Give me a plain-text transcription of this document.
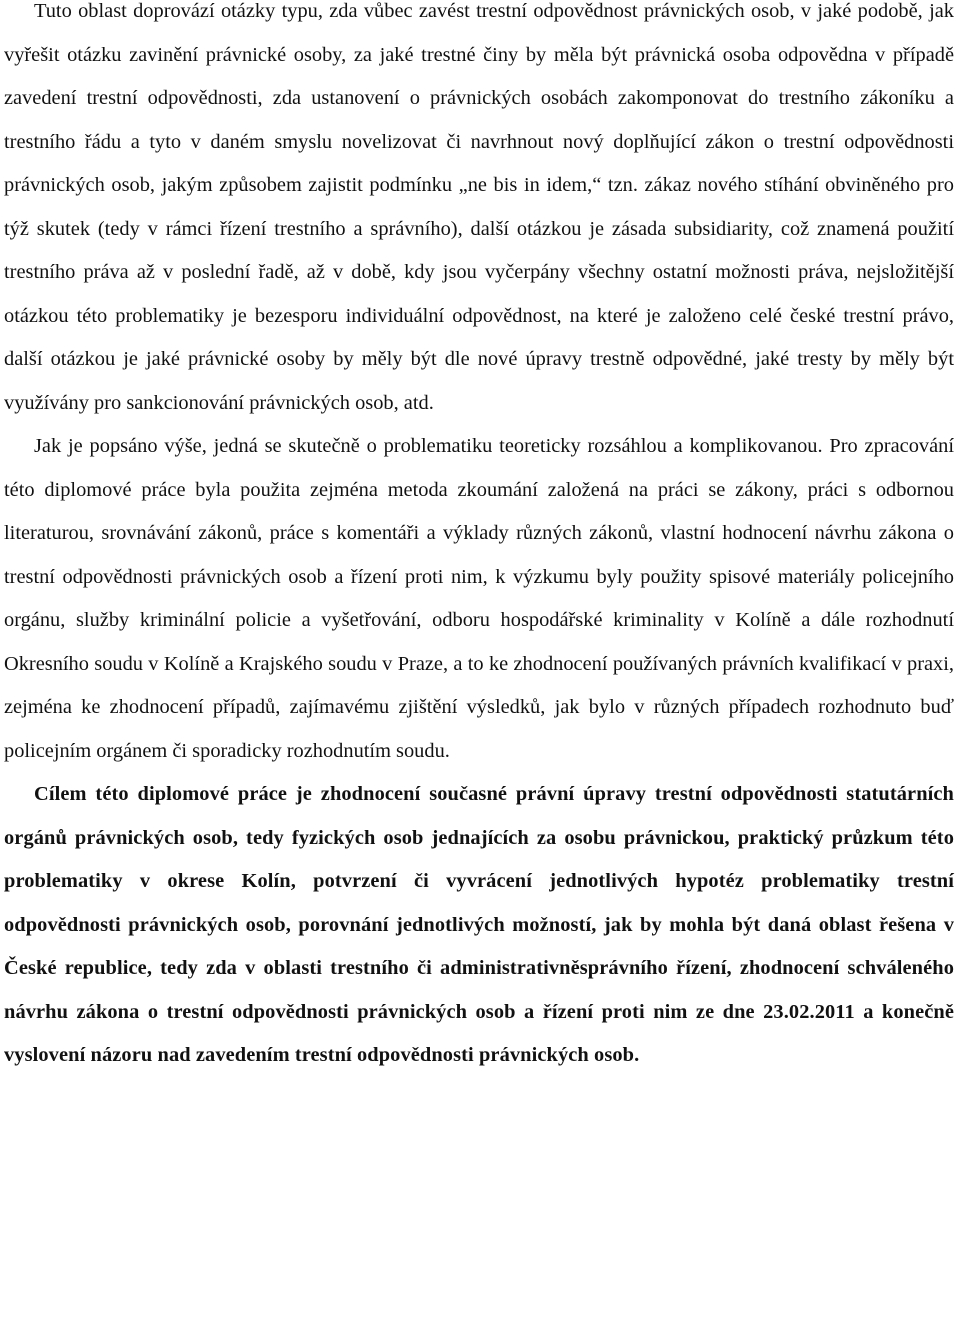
Tuto oblast doprovází otázky typu, zda vůbec zavést trestní odpovědnost právnických osob, v jaké podobě, jak vyřešit otázku zavinění právnické osoby, za jaké trestné činy by měla být právnická osoba odpovědna v případě zavedení trestní odpovědnosti, zda ustanovení o právnických osobách zakomponovat do trestního zákoníku a trestního řádu a tyto v daném smyslu novelizovat či navrhnout nový doplňující zákon o trestní odpovědnosti právnických osob, jakým způsobem zajistit podmínku „ne bis in idem,“ tzn. zákaz nového stíhání obviněného pro týž skutek (tedy v rámci řízení trestního a správního), další otázkou je zásada subsidiarity, což znamená použití trestního práva až v poslední řadě, až v době, kdy jsou vyčerpány všechny ostatní možnosti práva, nejsložitější otázkou této problematiky je bezesporu individuální odpovědnost, na které je založeno celé české trestní právo, další otázkou je jaké právnické osoby by měly být dle nové úpravy trestně odpovědné, jaké tresty by měly být využívány pro sankcionování právnických osob, atd.

Jak je popsáno výše, jedná se skutečně o problematiku teoreticky rozsáhlou a komplikovanou. Pro zpracování této diplomové práce byla použita zejména metoda zkoumání založená na práci se zákony, práci s odbornou literaturou, srovnávání zákonů, práce s komentáři a výklady různých zákonů, vlastní hodnocení návrhu zákona o trestní odpovědnosti právnických osob a řízení proti nim, k výzkumu byly použity spisové materiály policejního orgánu, služby kriminální policie a vyšetřování, odboru hospodářské kriminality v Kolíně a dále rozhodnutí Okresního soudu v Kolíně a Krajského soudu v Praze, a to ke zhodnocení používaných právních kvalifikací v praxi, zejména ke zhodnocení případů, zajímavému zjištění výsledků, jak bylo v různých případech rozhodnuto buď policejním orgánem či sporadicky rozhodnutím soudu.

Cílem této diplomové práce je zhodnocení současné právní úpravy trestní odpovědnosti statutárních orgánů právnických osob, tedy fyzických osob jednajících za osobu právnickou, praktický průzkum této problematiky v okrese Kolín, potvrzení či vyvrácení jednotlivých hypotéz problematiky trestní odpovědnosti právnických osob, porovnání jednotlivých možností, jak by mohla být daná oblast řešena v České republice, tedy zda v oblasti trestního či administrativněsprávního řízení, zhodnocení schváleného návrhu zákona o trestní odpovědnosti právnických osob a řízení proti nim ze dne 23.02.2011 a konečně vyslovení názoru nad zavedením trestní odpovědnosti právnických osob.
